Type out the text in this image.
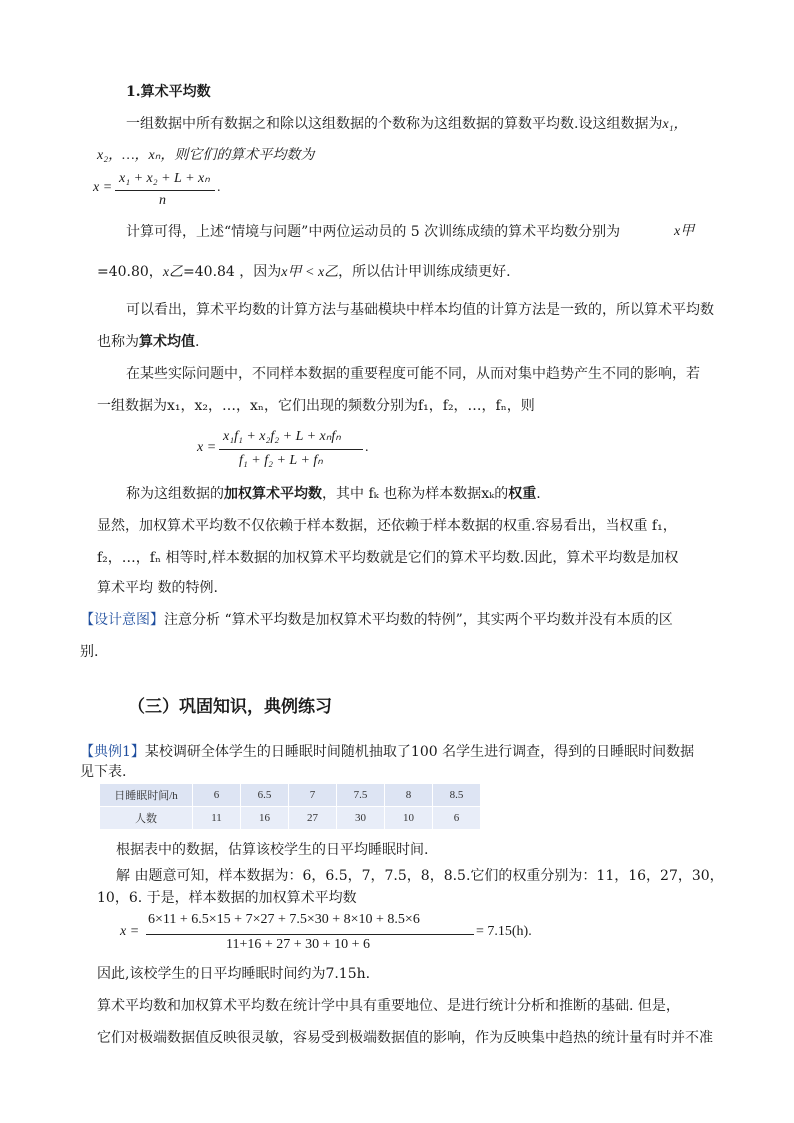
1.算术平均数
一组数据中所有数据之和除以这组数据的个数称为这组数据的算数平均数.设这组数据为x₁，
x₂，…，xₙ，则它们的算术平均数为
x =
x₁ + x₂ + L + xₙ
n
.
计算可得，上述“情境与问题”中两位运动员的 5 次训练成绩的算术平均数分别为	x甲
=40.80，x乙=40.84 ，因为x甲 < x乙，所以估计甲训练成绩更好.
可以看出，算术平均数的计算方法与基础模块中样本均值的计算方法是一致的，所以算术平均数
也称为算术均值.
在某些实际问题中，不同样本数据的重要程度可能不同，从而对集中趋势产生不同的影响，若
一组数据为x₁，x₂，…，xₙ，它们出现的频数分别为f₁，f₂，…，fₙ，则
x =
x₁f₁ + x₂f₂ + L + xₙfₙ
f₁ + f₂ + L + fₙ
.
称为这组数据的加权算术平均数，其中 fₖ 也称为样本数据xₖ的权重.
显然，加权算术平均数不仅依赖于样本数据，还依赖于样本数据的权重.容易看出，当权重 f₁，
f₂，…，fₙ 相等时,样本数据的加权算术平均数就是它们的算术平均数.因此，算术平均数是加权
算术平均 数的特例.
【设计意图】注意分析 “算术平均数是加权算术平均数的特例”，其实两个平均数并没有本质的区
别.
（三）巩固知识，典例练习
【典例1】某校调研全体学生的日睡眠时间随机抽取了100 名学生进行调查，得到的日睡眠时间数据
见下表.
日睡眠时间/h	6	6.5	7	7.5	8	8.5
人数	11	16	27	30	10	6
根据表中的数据，估算该校学生的日平均睡眠时间.
解 由题意可知，样本数据为：6，6.5，7，7.5，8，8.5.它们的权重分别为：11，16，27，30，
10，6. 于是，样本数据的加权算术平均数
x =
6×11 + 6.5×15 + 7×27 + 7.5×30 + 8×10 + 8.5×6
11+16 + 27 + 30 + 10 + 6
= 7.15(h).
因此,该校学生的日平均睡眠时间约为7.15h.
算术平均数和加权算术平均数在统计学中具有重要地位、是进行统计分析和推断的基础. 但是，
它们对极端数据值反映很灵敏，容易受到极端数据值的影响，作为反映集中趋热的统计量有时并不准
